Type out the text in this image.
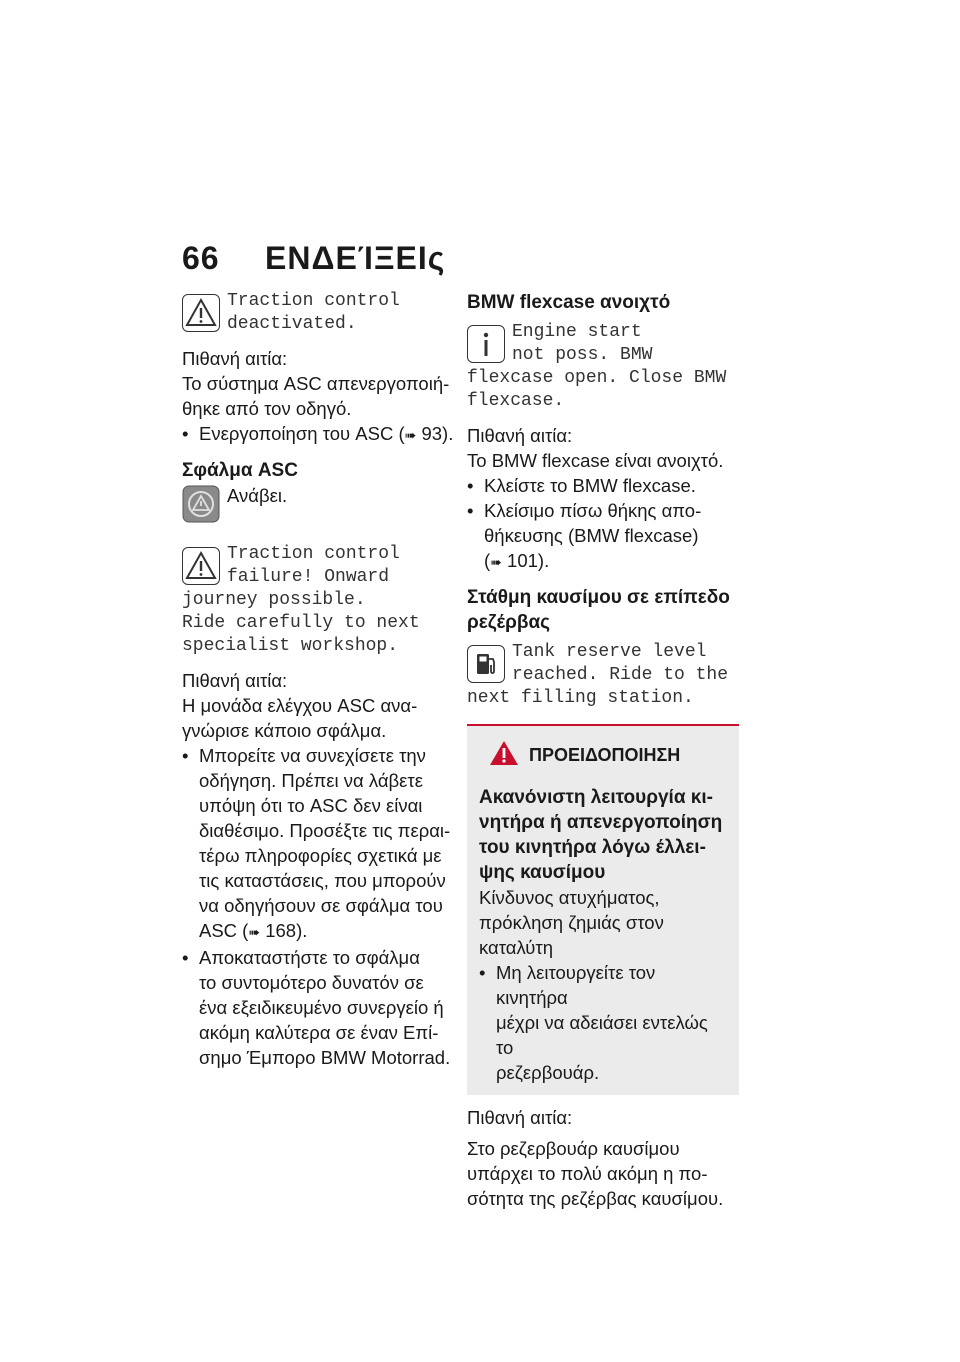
66 ΕΝΔΕΊΞΕΙς
Traction control
deactivated.
Πιθανή αιτία:
Το σύστημα ASC απενεργοποιή-
θηκε από τον οδηγό.
• Ενεργοποίηση του ASC (➠ 93).
Σφάλμα ASC
Ανάβει.
Traction control
failure! Onward
journey possible.
Ride carefully to next
specialist workshop.
Πιθανή αιτία:
Η μονάδα ελέγχου ASC ανα-
γνώρισε κάποιο σφάλμα.
• Μπορείτε να συνεχίσετε την
οδήγηση. Πρέπει να λάβετε
υπόψη ότι το ASC δεν είναι
διαθέσιμο. Προσέξτε τις περαι-
τέρω πληροφορίες σχετικά με
τις καταστάσεις, που μπορούν
να οδηγήσουν σε σφάλμα του
ASC (➠ 168).
• Αποκαταστήστε το σφάλμα
το συντομότερο δυνατόν σε
ένα εξειδικευμένο συνεργείο ή
ακόμη καλύτερα σε έναν Επί-
σημο Έμπορο BMW Motorrad.
BMW flexcase ανοιχτό
Engine start
not poss. BMW
flexcase open. Close BMW
flexcase.
Πιθανή αιτία:
Το BMW flexcase είναι ανοιχτό.
• Κλείστε το BMW flexcase.
• Κλείσιμο πίσω θήκης απο-
θήκευσης (BMW flexcase)
(➠ 101).
Στάθμη καυσίμου σε επίπεδο
ρεζέρβας
Tank reserve level
reached. Ride to the
next filling station.
ΠΡΟΕΙΔΟΠΟΙΗΣΗ
Ακανόνιστη λειτουργία κι-
νητήρα ή απενεργοποίηση
του κινητήρα λόγω έλλει-
ψης καυσίμου
Κίνδυνος ατυχήματος,
πρόκληση ζημιάς στον
καταλύτη
• Μη λειτουργείτε τον κινητήρα
μέχρι να αδειάσει εντελώς το
ρεζερβουάρ.
Πιθανή αιτία:
Στο ρεζερβουάρ καυσίμου
υπάρχει το πολύ ακόμη η πο-
σότητα της ρεζέρβας καυσίμου.
